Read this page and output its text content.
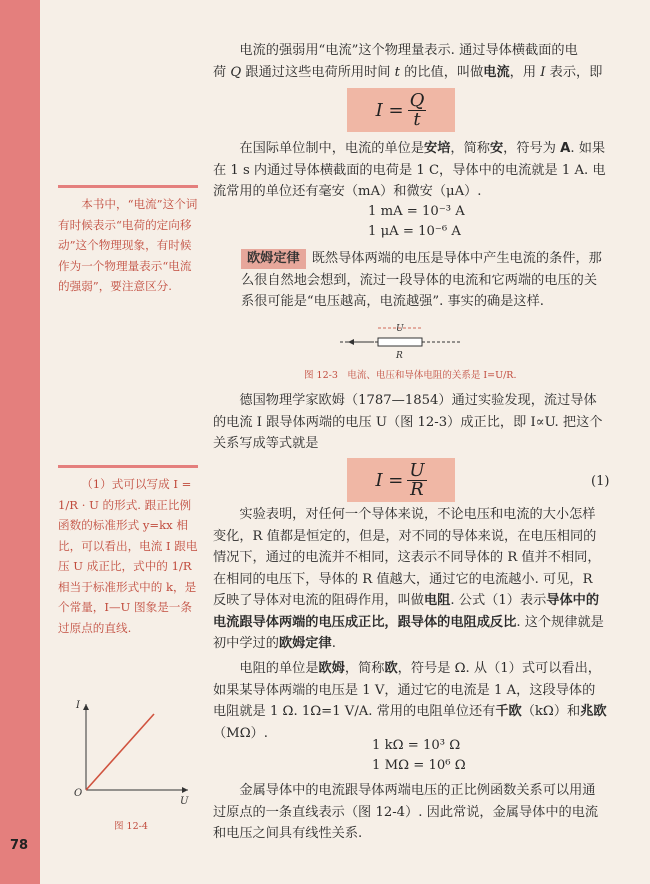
78

电流的强弱用“电流”这个物理量表示. 通过导体横截面的电

荷 Q 跟通过这些电荷所用时间 t 的比值，叫做电流，用 I 表示，即

$I = \frac{Q}{t}$

在国际单位制中，电流的单位是安培，简称安，符号为 A. 如果在 1 s 内通过导体横截面的电荷是 1 C，导体中的电流就是 1 A. 电流常用的单位还有毫安（mA）和微安（μA）.

1 mA = 10⁻³ A
1 μA = 10⁻⁶ A

欧姆定律 既然导体两端的电压是导体中产生电流的条件，那么很自然地会想到，流过一段导体的电流和它两端的电压的关系很可能是“电压越高，电流越强”. 事实的确是这样.

U
R
图 12-3　电流、电压和导体电阻的关系是 I=U/R.

德国物理学家欧姆（1787—1854）通过实验发现，流过导体的电流 I 跟导体两端的电压 U（图 12-3）成正比，即 I∝U. 把这个关系写成等式就是

$I = \frac{U}{R}$	(1)

实验表明，对任何一个导体来说，不论电压和电流的大小怎样变化，R 值都是恒定的，但是，对不同的导体来说，在电压相同的情况下，通过的电流并不相同，这表示不同导体的 R 值并不相同，在相同的电压下，导体的 R 值越大，通过它的电流越小. 可见，R 反映了导体对电流的阻碍作用，叫做电阻. 公式（1）表示导体中的电流跟导体两端的电压成正比，跟导体的电阻成反比. 这个规律就是初中学过的欧姆定律.

电阻的单位是欧姆，简称欧，符号是 Ω. 从（1）式可以看出，如果某导体两端的电压是 1 V，通过它的电流是 1 A，这段导体的电阻就是 1 Ω. 1Ω=1 V/A. 常用的电阻单位还有千欧（kΩ）和兆欧（MΩ）.

1 kΩ = 10³ Ω
1 MΩ = 10⁶ Ω

金属导体中的电流跟导体两端电压的正比例函数关系可以用通过原点的一条直线表示（图 12-4）. 因此常说，金属导体中的电流和电压之间具有线性关系.

本书中，“电流”这个词有时候表示“电荷的定向移动”这个物理现象，有时候作为一个物理量表示“电流的强弱”，要注意区分.

（1）式可以写成 I = 1/R · U 的形式. 跟正比例函数的标准形式 y=kx 相比，可以看出，电流 I 跟电压 U 成正比，式中的 1/R 相当于标准形式中的 k，是个常量，I—U 图象是一条过原点的直线.

I
U
O
图 12-4
